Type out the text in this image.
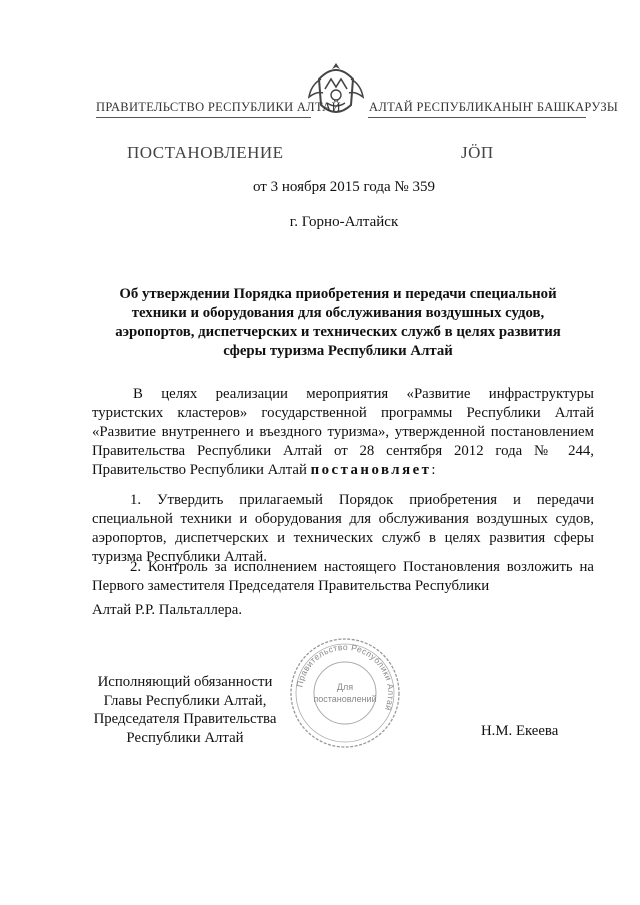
ПРАВИТЕЛЬСТВО РЕСПУБЛИКИ АЛТАЙ АЛТАЙ РЕСПУБЛИКАНЫҤ БАШКАРУЗЫ
ПОСТАНОВЛЕНИЕ	ЈӦП
от 3 ноября 2015 года № 359
г. Горно-Алтайск
Об утверждении Порядка приобретения и передачи специальной техники и оборудования для обслуживания воздушных судов, аэропортов, диспетчерских и технических служб в целях развития сферы туризма Республики Алтай
В целях реализации мероприятия «Развитие инфраструктуры туристских кластеров» государственной программы Республики Алтай «Развитие внутреннего и въездного туризма», утвержденной постановлением Правительства Республики Алтай от 28 сентября 2012 года № 244, Правительство Республики Алтай постановляет:
1. Утвердить прилагаемый Порядок приобретения и передачи специальной техники и оборудования для обслуживания воздушных судов, аэропортов, диспетчерских и технических служб в целях развития сферы туризма Республики Алтай.
2. Контроль за исполнением настоящего Постановления возложить на Первого заместителя Председателя Правительства Республики
Алтай Р.Р. Пальталлера.
Исполняющий обязанности Главы Республики Алтай, Председателя Правительства Республики Алтай	Н.М. Екеева
Правительство Республики Алтай
Для
постановлений
